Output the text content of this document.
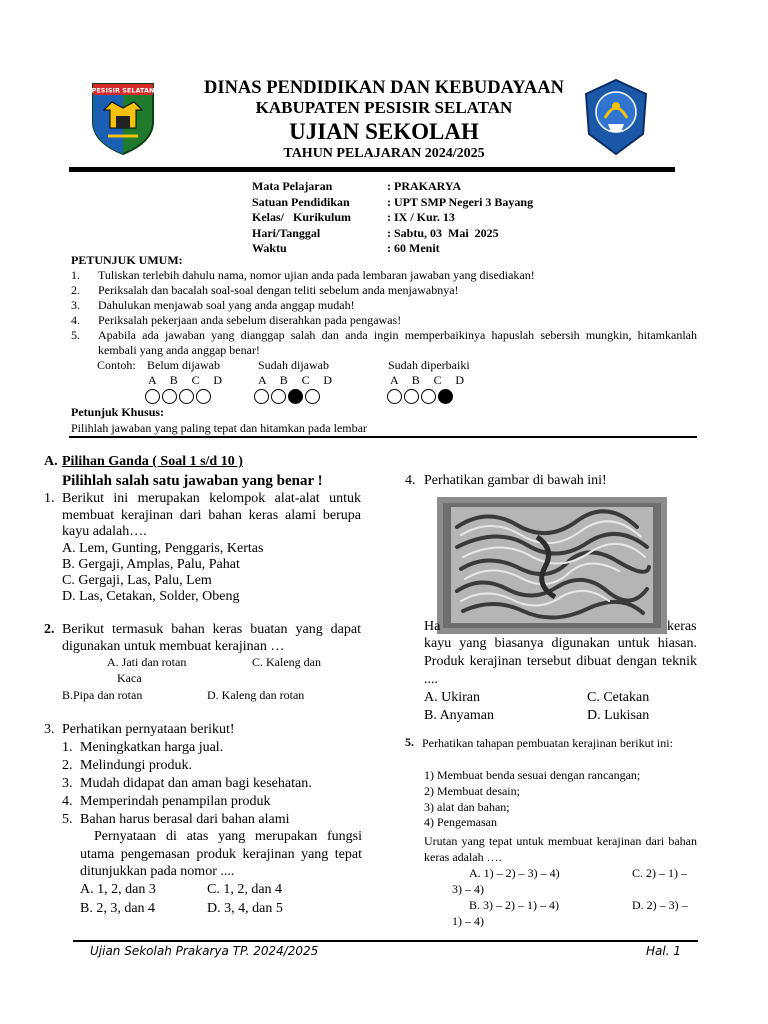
PESISIR SELATAN	DINAS PENDIDIKAN DAN KEBUDAYAAN
KABUPATEN PESISIR SELATAN
UJIAN SEKOLAH
TAHUN PELAJARAN 2024/2025
Mata Pelajaran	: PRAKARYA
Satuan Pendidikan	: UPT SMP Negeri 3 Bayang
Kelas/   Kurikulum	: IX / Kur. 13
Hari/Tanggal	: Sabtu, 03  Mai  2025
Waktu	: 60 Menit
PETUNJUK UMUM:
1.	Tuliskan terlebih dahulu nama, nomor ujian anda pada lembaran jawaban yang disediakan!
2.	Periksalah dan bacalah soal-soal dengan teliti sebelum anda menjawabnya!
3.	Dahulukan menjawab soal yang anda anggap mudah!
4.	Periksalah pekerjaan anda sebelum diserahkan pada pengawas!
5.	Apabila ada jawaban yang dianggap salah dan anda ingin memperbaikinya hapuslah sebersih mungkin, hitamkanlah kembali yang anda anggap benar!
Contoh: Belum dijawab	Sudah dijawab	Sudah diperbaiki
A   B   C   D	A   B   C   D	A   B   C   D
Petunjuk Khusus:
Pilihlah jawaban yang paling tepat dan hitamkan pada lembar
A. Pilihan Ganda ( Soal 1 s/d 10 )
Pilihlah salah satu jawaban yang benar !
1. Berikut ini merupakan kelompok alat-alat untuk membuat kerajinan dari bahan keras alami berupa kayu adalah….
A. Lem, Gunting, Penggaris, Kertas
B. Gergaji, Amplas, Palu, Pahat
C. Gergaji, Las, Palu, Lem
D. Las, Cetakan, Solder, Obeng
2. Berikut termasuk bahan keras buatan yang dapat digunakan untuk membuat kerajinan …
A. Jati dan rotan	C. Kaleng dan
Kaca
B.Pipa dan rotan	D. Kaleng dan rotan
3. Perhatikan pernyataan berikut!
1. Meningkatkan harga jual.
2. Melindungi produk.
3. Mudah didapat dan aman bagi kesehatan.
4. Memperindah penampilan produk
5. Bahan harus berasal dari bahan alami
Pernyataan di atas yang merupakan fungsi utama pengemasan produk kerajinan yang tepat ditunjukkan pada nomor ....
A. 1, 2, dan 3	C. 1, 2, dan 4
B. 2, 3, dan 4	D. 3, 4, dan 5
4. Perhatikan gambar di bawah ini!
Ha	keras
kayu yang biasanya digunakan untuk hiasan. Produk kerajinan tersebut dibuat dengan teknik ....
A. Ukiran	C. Cetakan
B. Anyaman	D. Lukisan
5. Perhatikan tahapan pembuatan kerajinan berikut ini:
1) Membuat benda sesuai dengan rancangan;
2) Membuat desain;
3) alat dan bahan;
4) Pengemasan
Urutan yang tepat untuk membuat kerajinan dari bahan keras adalah ….
A. 1) – 2) – 3) – 4)	C. 2) – 1) –
3) – 4)
B. 3) – 2) – 1) – 4)	D. 2) – 3) –
1) – 4)
Ujian Sekolah Prakarya TP. 2024/2025	Hal. 1
